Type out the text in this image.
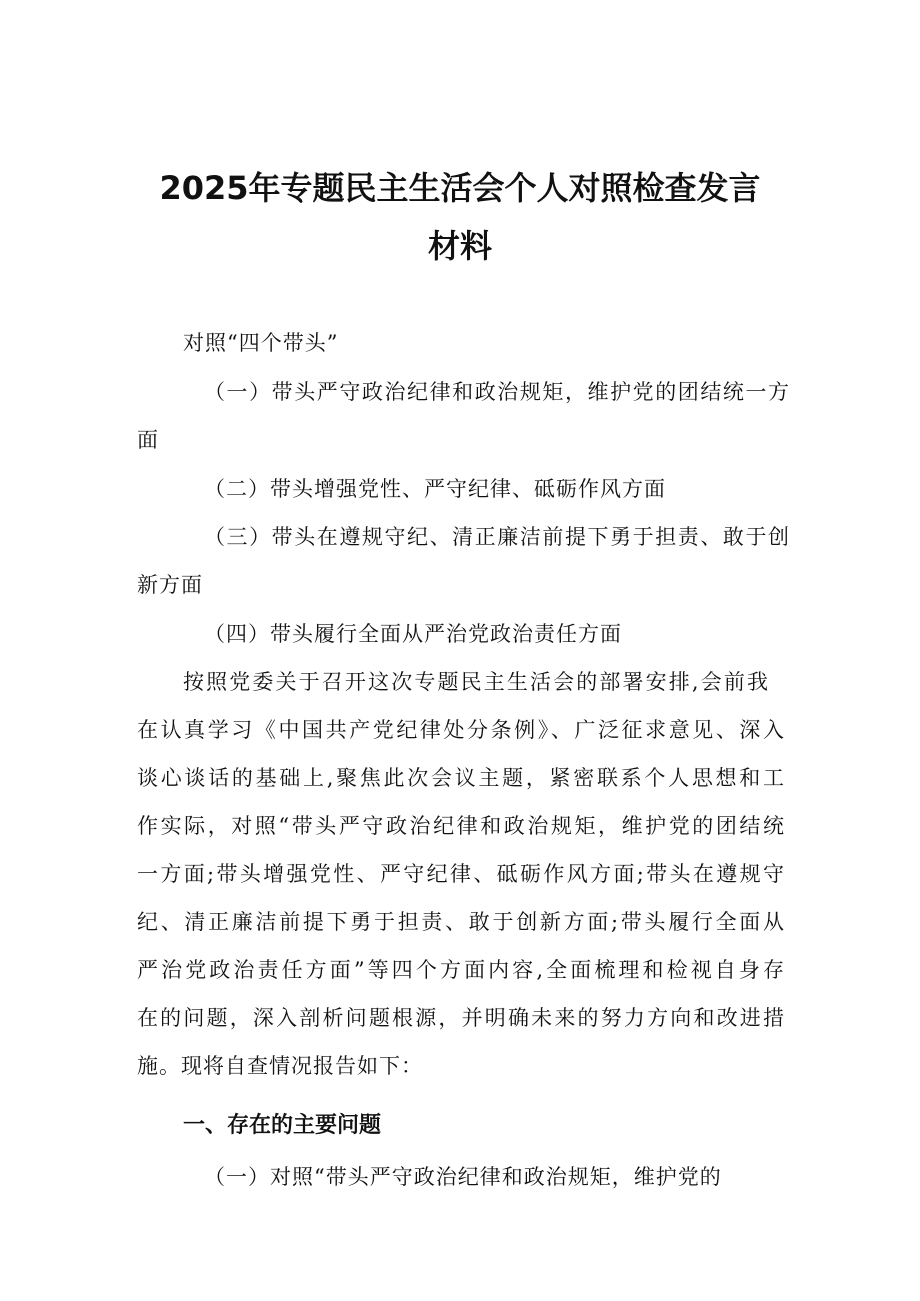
2025年专题民主生活会个人对照检查发言
材料
对照“四个带头”
（一）带头严守政治纪律和政治规矩，维护党的团结统一方
面
（二）带头增强党性、严守纪律、砥砺作风方面
（三）带头在遵规守纪、清正廉洁前提下勇于担责、敢于创
新方面
（四）带头履行全面从严治党政治责任方面
按照党委关于召开这次专题民主生活会的部署安排,会前我
在认真学习《中国共产党纪律处分条例》、广泛征求意见、深入
谈心谈话的基础上,聚焦此次会议主题，紧密联系个人思想和工
作实际，对照“带头严守政治纪律和政治规矩，维护党的团结统
一方面;带头增强党性、严守纪律、砥砺作风方面;带头在遵规守
纪、清正廉洁前提下勇于担责、敢于创新方面;带头履行全面从
严治党政治责任方面”等四个方面内容,全面梳理和检视自身存
在的问题，深入剖析问题根源，并明确未来的努力方向和改进措
施。现将自查情况报告如下：
一、存在的主要问题
（一）对照“带头严守政治纪律和政治规矩，维护党的
